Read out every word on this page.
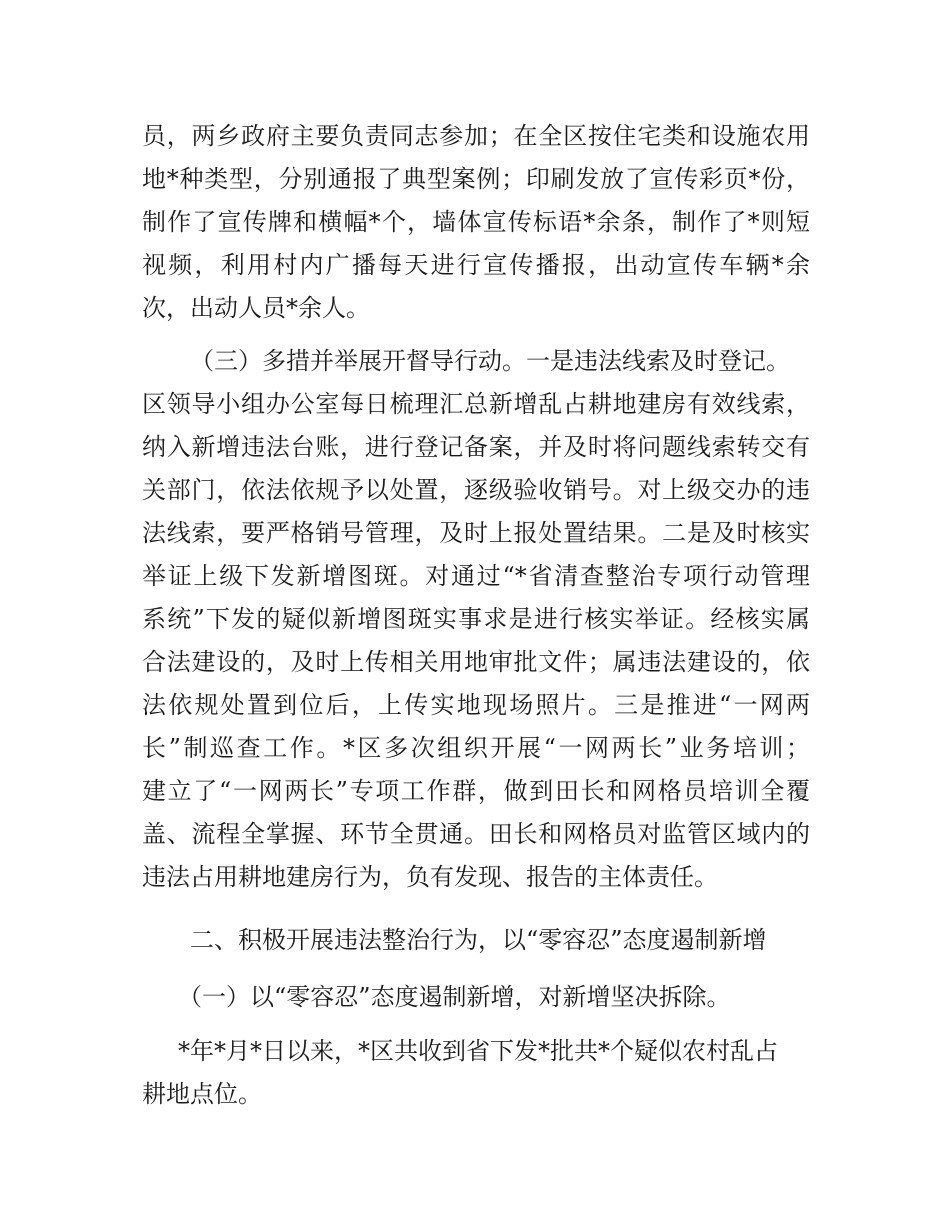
员，两乡政府主要负责同志参加；在全区按住宅类和设施农用
地*种类型，分别通报了典型案例；印刷发放了宣传彩页*份，
制作了宣传牌和横幅*个，墙体宣传标语*余条，制作了*则短
视频，利用村内广播每天进行宣传播报，出动宣传车辆*余
次，出动人员*余人。
（三）多措并举展开督导行动。一是违法线索及时登记。
区领导小组办公室每日梳理汇总新增乱占耕地建房有效线索，
纳入新增违法台账，进行登记备案，并及时将问题线索转交有
关部门，依法依规予以处置，逐级验收销号。对上级交办的违
法线索，要严格销号管理，及时上报处置结果。二是及时核实
举证上级下发新增图斑。对通过“*省清查整治专项行动管理
系统”下发的疑似新增图斑实事求是进行核实举证。经核实属
合法建设的，及时上传相关用地审批文件；属违法建设的，依
法依规处置到位后，上传实地现场照片。三是推进“一网两
长”制巡查工作。*区多次组织开展“一网两长”业务培训；
建立了“一网两长”专项工作群，做到田长和网格员培训全覆
盖、流程全掌握、环节全贯通。田长和网格员对监管区域内的
违法占用耕地建房行为，负有发现、报告的主体责任。
二、积极开展违法整治行为，以“零容忍”态度遏制新增
（一）以“零容忍”态度遏制新增，对新增坚决拆除。
*年*月*日以来，*区共收到省下发*批共*个疑似农村乱占
耕地点位。
